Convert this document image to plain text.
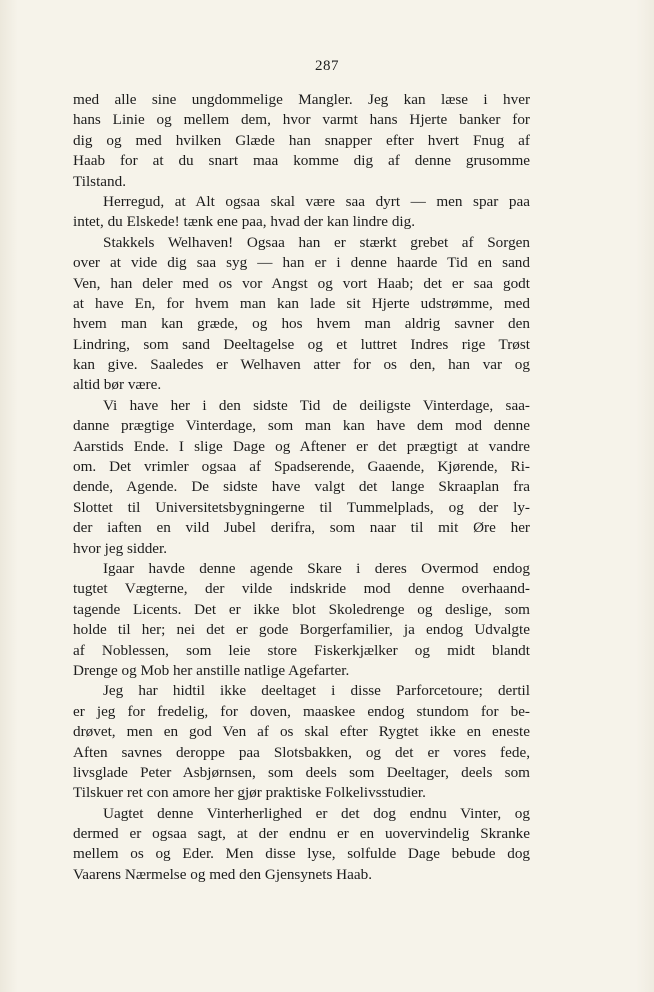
287

med alle sine ungdommelige Mangler. Jeg kan læse i hver
hans Linie og mellem dem, hvor varmt hans Hjerte banker for
dig og med hvilken Glæde han snapper efter hvert Fnug af
Haab for at du snart maa komme dig af denne grusomme
Tilstand.

Herregud, at Alt ogsaa skal være saa dyrt — men spar paa
intet, du Elskede! tænk ene paa, hvad der kan lindre dig.

Stakkels Welhaven! Ogsaa han er stærkt grebet af Sorgen
over at vide dig saa syg — han er i denne haarde Tid en sand
Ven, han deler med os vor Angst og vort Haab; det er saa godt
at have En, for hvem man kan lade sit Hjerte udstrømme, med
hvem man kan græde, og hos hvem man aldrig savner den
Lindring, som sand Deeltagelse og et luttret Indres rige Trøst
kan give. Saaledes er Welhaven atter for os den, han var og
altid bør være.

Vi have her i den sidste Tid de deiligste Vinterdage, saa-
danne prægtige Vinterdage, som man kan have dem mod denne
Aarstids Ende. I slige Dage og Aftener er det prægtigt at vandre
om. Det vrimler ogsaa af Spadserende, Gaaende, Kjørende, Ri-
dende, Agende. De sidste have valgt det lange Skraaplan fra
Slottet til Universitetsbygningerne til Tummelplads, og der ly-
der iaften en vild Jubel derifra, som naar til mit Øre her
hvor jeg sidder.

Igaar havde denne agende Skare i deres Overmod endog
tugtet Vægterne, der vilde indskride mod denne overhaand-
tagende Licents. Det er ikke blot Skoledrenge og deslige, som
holde til her; nei det er gode Borgerfamilier, ja endog Udvalgte
af Noblessen, som leie store Fiskerkjælker og midt blandt
Drenge og Mob her anstille natlige Agefarter.

Jeg har hidtil ikke deeltaget i disse Parforcetoure; dertil
er jeg for fredelig, for doven, maaskee endog stundom for be-
drøvet, men en god Ven af os skal efter Rygtet ikke en eneste
Aften savnes deroppe paa Slotsbakken, og det er vores fede,
livsglade Peter Asbjørnsen, som deels som Deeltager, deels som
Tilskuer ret con amore her gjør praktiske Folkelivsstudier.

Uagtet denne Vinterherlighed er det dog endnu Vinter, og
dermed er ogsaa sagt, at der endnu er en uovervindelig Skranke
mellem os og Eder. Men disse lyse, solfulde Dage bebude dog
Vaarens Nærmelse og med den Gjensynets Haab.
